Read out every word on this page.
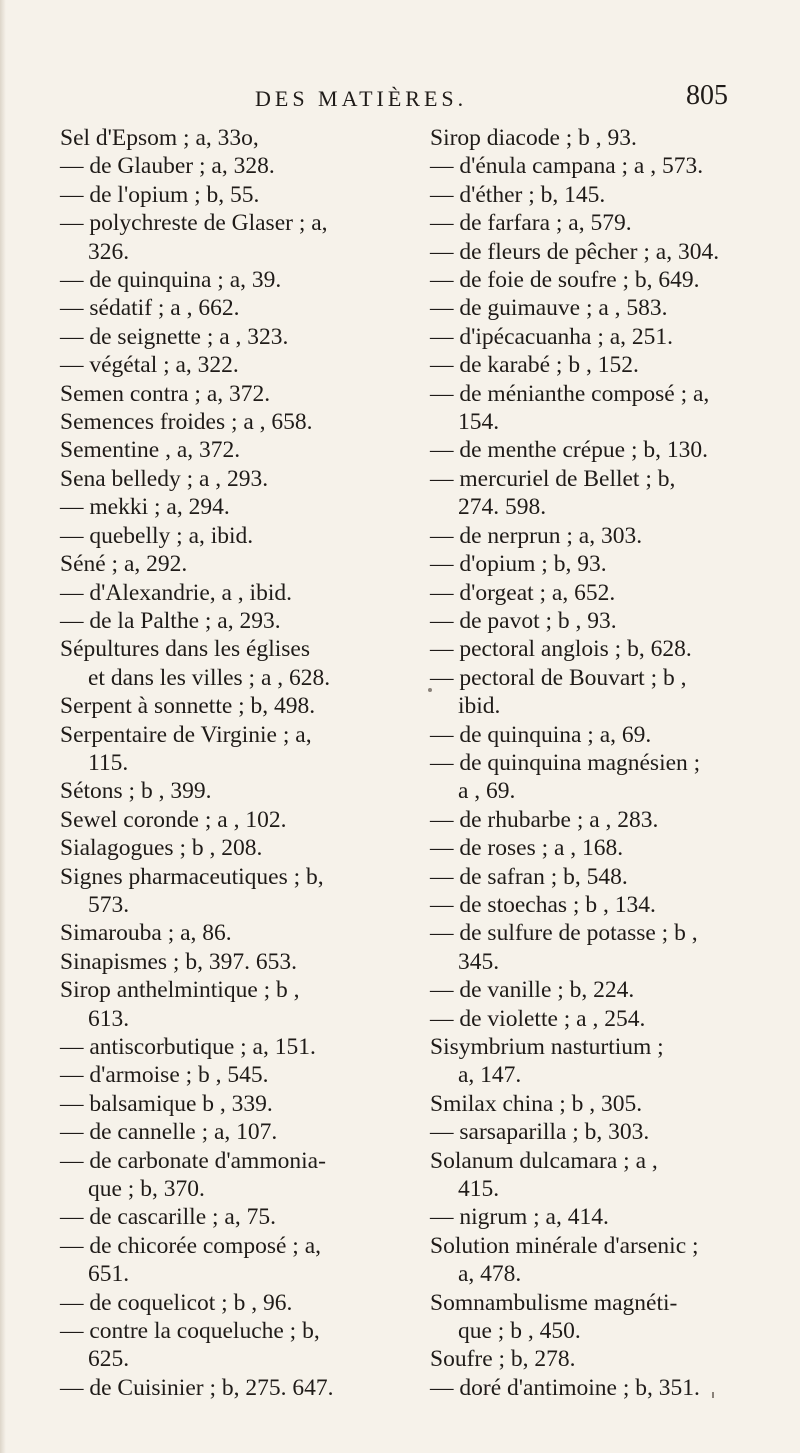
DES MATIÈRES.	805
Sel d'Epsom ; a, 33o,
— de Glauber ; a, 328.
— de l'opium ; b, 55.
— polychreste de Glaser ; a,
326.
— de quinquina ; a, 39.
— sédatif ; a , 662.
— de seignette ; a , 323.
— végétal ; a, 322.
Semen contra ; a, 372.
Semences froides ; a , 658.
Sementine , a, 372.
Sena belledy ; a , 293.
— mekki ; a, 294.
— quebelly ; a, ibid.
Séné ; a, 292.
— d'Alexandrie, a , ibid.
— de la Palthe ; a, 293.
Sépultures dans les églises
et dans les villes ; a , 628.
Serpent à sonnette ; b, 498.
Serpentaire de Virginie ; a,
115.
Sétons ; b , 399.
Sewel coronde ; a , 102.
Sialagogues ; b , 208.
Signes pharmaceutiques ; b,
573.
Simarouba ; a, 86.
Sinapismes ; b, 397. 653.
Sirop anthelmintique ; b ,
613.
— antiscorbutique ; a, 151.
— d'armoise ; b , 545.
— balsamique b , 339.
— de cannelle ; a, 107.
— de carbonate d'ammonia-
que ; b, 370.
— de cascarille ; a, 75.
— de chicorée composé ; a,
651.
— de coquelicot ; b , 96.
— contre la coqueluche ; b,
625.
— de Cuisinier ; b, 275. 647.
Sirop diacode ; b , 93.
— d'énula campana ; a , 573.
— d'éther ; b, 145.
— de farfara ; a, 579.
— de fleurs de pêcher ; a, 304.
— de foie de soufre ; b, 649.
— de guimauve ; a , 583.
— d'ipécacuanha ; a, 251.
— de karabé ; b , 152.
— de ménianthe composé ; a,
154.
— de menthe crépue ; b, 130.
— mercuriel de Bellet ; b,
274. 598.
— de nerprun ; a, 303.
— d'opium ; b, 93.
— d'orgeat ; a, 652.
— de pavot ; b , 93.
— pectoral anglois ; b, 628.
— pectoral de Bouvart ; b ,
ibid.
— de quinquina ; a, 69.
— de quinquina magnésien ;
a , 69.
— de rhubarbe ; a , 283.
— de roses ; a , 168.
— de safran ; b, 548.
— de stoechas ; b , 134.
— de sulfure de potasse ; b ,
345.
— de vanille ; b, 224.
— de violette ; a , 254.
Sisymbrium nasturtium ;
a, 147.
Smilax china ; b , 305.
— sarsaparilla ; b, 303.
Solanum dulcamara ; a ,
415.
— nigrum ; a, 414.
Solution minérale d'arsenic ;
a, 478.
Somnambulisme magnéti-
que ; b , 450.
Soufre ; b, 278.
— doré d'antimoine ; b, 351.
